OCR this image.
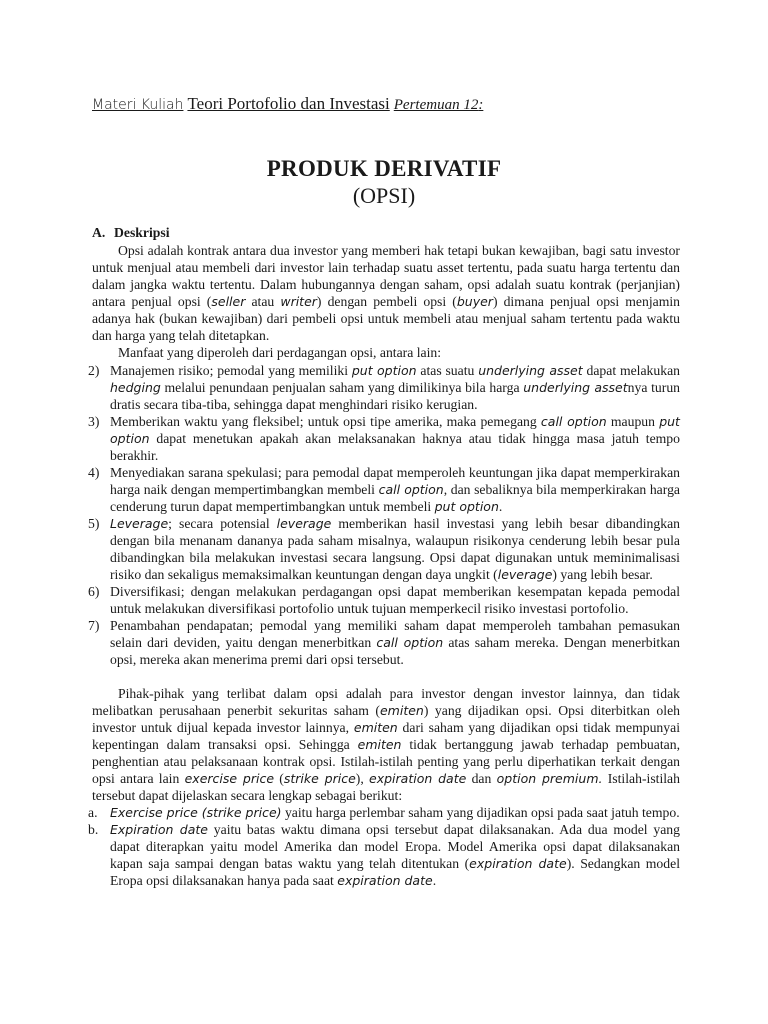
Materi Kuliah Teori Portofolio dan Investasi Pertemuan 12:
PRODUK DERIVATIF
(OPSI)
A. Deskripsi

Opsi adalah kontrak antara dua investor yang memberi hak tetapi bukan kewajiban, bagi satu investor untuk menjual atau membeli dari investor lain terhadap suatu asset tertentu, pada suatu harga tertentu dan dalam jangka waktu tertentu. Dalam hubungannya dengan saham, opsi adalah suatu kontrak (perjanjian) antara penjual opsi (seller atau writer) dengan pembeli opsi (buyer) dimana penjual opsi menjamin adanya hak (bukan kewajiban) dari pembeli opsi untuk membeli atau menjual saham tertentu pada waktu dan harga yang telah ditetapkan.

Manfaat yang diperoleh dari perdagangan opsi, antara lain:

2) Manajemen risiko; pemodal yang memiliki put option atas suatu underlying asset dapat melakukan hedging melalui penundaan penjualan saham yang dimilikinya bila harga underlying assetnya turun dratis secara tiba-tiba, sehingga dapat menghindari risiko kerugian.
3) Memberikan waktu yang fleksibel; untuk opsi tipe amerika, maka pemegang call option maupun put option dapat menetukan apakah akan melaksanakan haknya atau tidak hingga masa jatuh tempo berakhir.
4) Menyediakan sarana spekulasi; para pemodal dapat memperoleh keuntungan jika dapat memperkirakan harga naik dengan mempertimbangkan membeli call option, dan sebaliknya bila memperkirakan harga cenderung turun dapat mempertimbangkan untuk membeli put option.
5) Leverage; secara potensial leverage memberikan hasil investasi yang lebih besar dibandingkan dengan bila menanam dananya pada saham misalnya, walaupun risikonya cenderung lebih besar pula dibandingkan bila melakukan investasi secara langsung. Opsi dapat digunakan untuk meminimalisasi risiko dan sekaligus memaksimalkan keuntungan dengan daya ungkit (leverage) yang lebih besar.
6) Diversifikasi; dengan melakukan perdagangan opsi dapat memberikan kesempatan kepada pemodal untuk melakukan diversifikasi portofolio untuk tujuan memperkecil risiko investasi portofolio.
7) Penambahan pendapatan; pemodal yang memiliki saham dapat memperoleh tambahan pemasukan selain dari deviden, yaitu dengan menerbitkan call option atas saham mereka. Dengan menerbitkan opsi, mereka akan menerima premi dari opsi tersebut.

Pihak-pihak yang terlibat dalam opsi adalah para investor dengan investor lainnya, dan tidak melibatkan perusahaan penerbit sekuritas saham (emiten) yang dijadikan opsi. Opsi diterbitkan oleh investor untuk dijual kepada investor lainnya, emiten dari saham yang dijadikan opsi tidak mempunyai kepentingan dalam transaksi opsi. Sehingga emiten tidak bertanggung jawab terhadap pembuatan, penghentian atau pelaksanaan kontrak opsi. Istilah-istilah penting yang perlu diperhatikan terkait dengan opsi antara lain exercise price (strike price), expiration date dan option premium. Istilah-istilah tersebut dapat dijelaskan secara lengkap sebagai berikut:

a. Exercise price (strike price) yaitu harga perlembar saham yang dijadikan opsi pada saat jatuh tempo.
b. Expiration date yaitu batas waktu dimana opsi tersebut dapat dilaksanakan. Ada dua model yang dapat diterapkan yaitu model Amerika dan model Eropa. Model Amerika opsi dapat dilaksanakan kapan saja sampai dengan batas waktu yang telah ditentukan (expiration date). Sedangkan model Eropa opsi dilaksanakan hanya pada saat expiration date.
